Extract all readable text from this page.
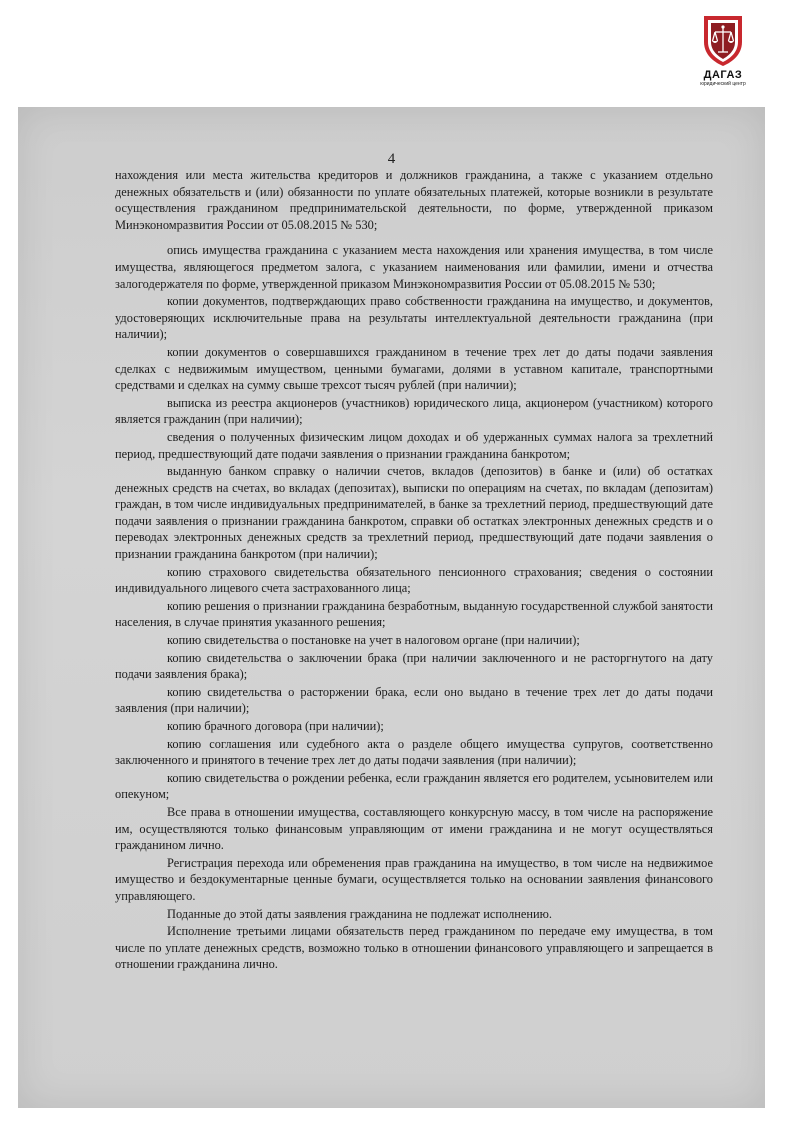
ДАГАЗ
юридический центр
4

нахождения или места жительства кредиторов и должников гражданина, а также с указанием отдельно денежных обязательств и (или) обязанности по уплате обязательных платежей, которые возникли в результате осуществления гражданином предпринимательской деятельности, по форме, утвержденной приказом Минэкономразвития России от 05.08.2015 № 530;

опись имущества гражданина с указанием места нахождения или хранения имущества, в том числе имущества, являющегося предметом залога, с указанием наименования или фамилии, имени и отчества залогодержателя по форме, утвержденной приказом Минэкономразвития России от 05.08.2015 № 530;

копии документов, подтверждающих право собственности гражданина на имущество, и документов, удостоверяющих исключительные права на результаты интеллектуальной деятельности гражданина (при наличии);

копии документов о совершавшихся гражданином в течение трех лет до даты подачи заявления сделках с недвижимым имуществом, ценными бумагами, долями в уставном капитале, транспортными средствами и сделках на сумму свыше трехсот тысяч рублей (при наличии);

выписка из реестра акционеров (участников) юридического лица, акционером (участником) которого является гражданин (при наличии);

сведения о полученных физическим лицом доходах и об удержанных суммах налога за трехлетний период, предшествующий дате подачи заявления о признании гражданина банкротом;

выданную банком справку о наличии счетов, вкладов (депозитов) в банке и (или) об остатках денежных средств на счетах, во вкладах (депозитах), выписки по операциям на счетах, по вкладам (депозитам) граждан, в том числе индивидуальных предпринимателей, в банке за трехлетний период, предшествующий дате подачи заявления о признании гражданина банкротом, справки об остатках электронных денежных средств и о переводах электронных денежных средств за трехлетний период, предшествующий дате подачи заявления о признании гражданина банкротом (при наличии);

копию страхового свидетельства обязательного пенсионного страхования; сведения о состоянии индивидуального лицевого счета застрахованного лица;

копию решения о признании гражданина безработным, выданную государственной службой занятости населения, в случае принятия указанного решения;

копию свидетельства о постановке на учет в налоговом органе (при наличии);

копию свидетельства о заключении брака (при наличии заключенного и не расторгнутого на дату подачи заявления брака);

копию свидетельства о расторжении брака, если оно выдано в течение трех лет до даты подачи заявления (при наличии);

копию брачного договора (при наличии);

копию соглашения или судебного акта о разделе общего имущества супругов, соответственно заключенного и принятого в течение трех лет до даты подачи заявления (при наличии);

копию свидетельства о рождении ребенка, если гражданин является его родителем, усыновителем или опекуном;

Все права в отношении имущества, составляющего конкурсную массу, в том числе на распоряжение им, осуществляются только финансовым управляющим от имени гражданина и не могут осуществляться гражданином лично.

Регистрация перехода или обременения прав гражданина на имущество, в том числе на недвижимое имущество и бездокументарные ценные бумаги, осуществляется только на основании заявления финансового управляющего.

Поданные до этой даты заявления гражданина не подлежат исполнению.

Исполнение третьими лицами обязательств перед гражданином по передаче ему имущества, в том числе по уплате денежных средств, возможно только в отношении финансового управляющего и запрещается в отношении гражданина лично.
